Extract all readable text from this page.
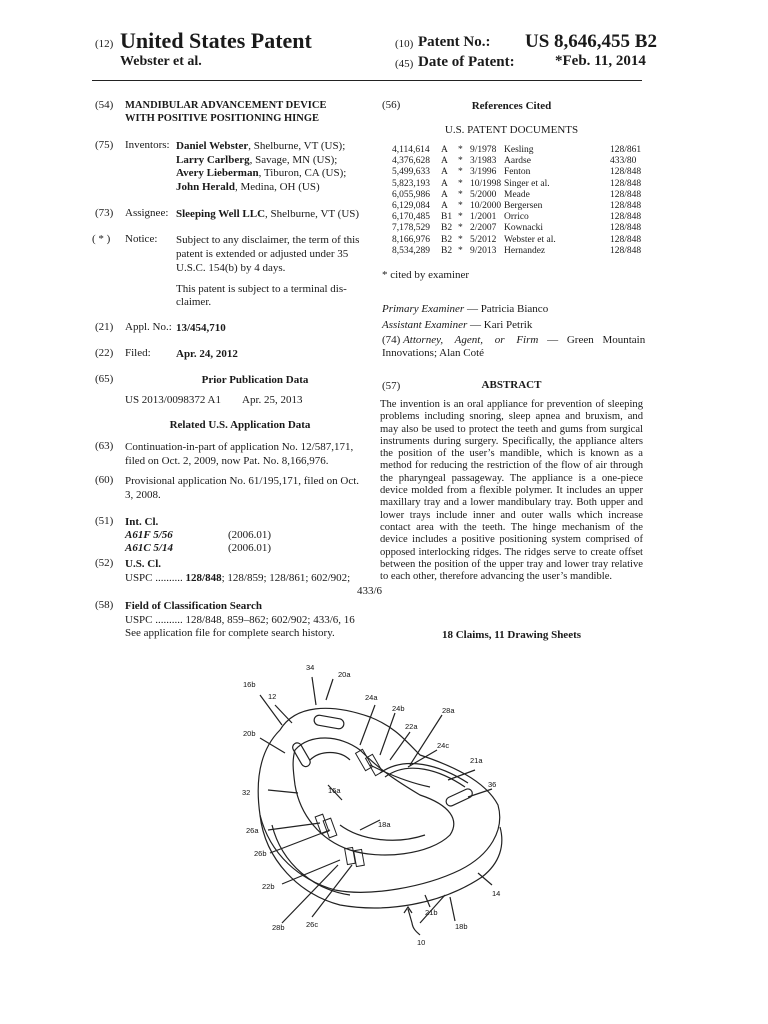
(12) United States Patent
Webster et al.
(10) Patent No.: US 8,646,455 B2
(45) Date of Patent:	*Feb. 11, 2014
(54) MANDIBULAR ADVANCEMENT DEVICE
WITH POSITIVE POSITIONING HINGE
(75) Inventors: Daniel Webster, Shelburne, VT (US);
Larry Carlberg, Savage, MN (US);
Avery Lieberman, Tiburon, CA (US);
John Herald, Medina, OH (US)
(73) Assignee: Sleeping Well LLC, Shelburne, VT (US)
( * ) Notice: Subject to any disclaimer, the term of this
patent is extended or adjusted under 35
U.S.C. 154(b) by 4 days.
This patent is subject to a terminal dis-
claimer.
(21) Appl. No.: 13/454,710
(22) Filed: Apr. 24, 2012
(65)	Prior Publication Data
US 2013/0098372 A1 Apr. 25, 2013
Related U.S. Application Data
(63) Continuation-in-part of application No. 12/587,171,
filed on Oct. 2, 2009, now Pat. No. 8,166,976.
(60) Provisional application No. 61/195,171, filed on Oct.
3, 2008.
(51) Int. Cl.
A61F 5/56	(2006.01)
A61C 5/14	(2006.01)
(52) U.S. Cl.
USPC .......... 128/848; 128/859; 128/861; 602/902;
433/6
(58) Field of Classification Search
USPC .......... 128/848, 859–862; 602/902; 433/6, 16
See application file for complete search history.
(56)	References Cited
U.S. PATENT DOCUMENTS
4,114,614 A * 9/1978 Kesling	128/861
4,376,628 A * 3/1983 Aardse	433/80
5,499,633 A * 3/1996 Fenton	128/848
5,823,193 A * 10/1998 Singer et al.	128/848
6,055,986 A * 5/2000 Meade	128/848
6,129,084 A * 10/2000 Bergersen	128/848
6,170,485 B1 * 1/2001 Orrico	128/848
7,178,529 B2 * 2/2007 Kownacki	128/848
8,166,976 B2 * 5/2012 Webster et al.	128/848
8,534,289 B2 * 9/2013 Hernandez	128/848
* cited by examiner
Primary Examiner — Patricia Bianco
Assistant Examiner — Kari Petrik
(74) Attorney, Agent, or Firm — Green Mountain
Innovations; Alan Coté
(57)	ABSTRACT
The invention is an oral appliance for prevention of sleeping problems including snoring, sleep apnea and bruxism, and may also be used to protect the teeth and gums from surgical instruments during surgery. Specifically, the appliance alters the position of the user’s mandible, which is known as a method for reducing the restriction of the flow of air through the pharyngeal passageway. The appliance is a one-piece device molded from a flexible polymer. It includes an upper maxillary tray and a lower mandibulary tray. Both upper and lower trays include inner and outer walls which increase contact area with the teeth. The hinge mechanism of the device includes a positive positioning system comprised of opposed interlocking ridges. The ridges serve to create offset between the position of the upper tray and lower tray relative to each other, therefore advancing the user’s mandible.
18 Claims, 11 Drawing Sheets
34
20a
16b
12	24a
24b	28a
22a
20b
24c
21a
36
32	16a
18a
26a
26b
22b
14
21b
18b
28b	26c
10
